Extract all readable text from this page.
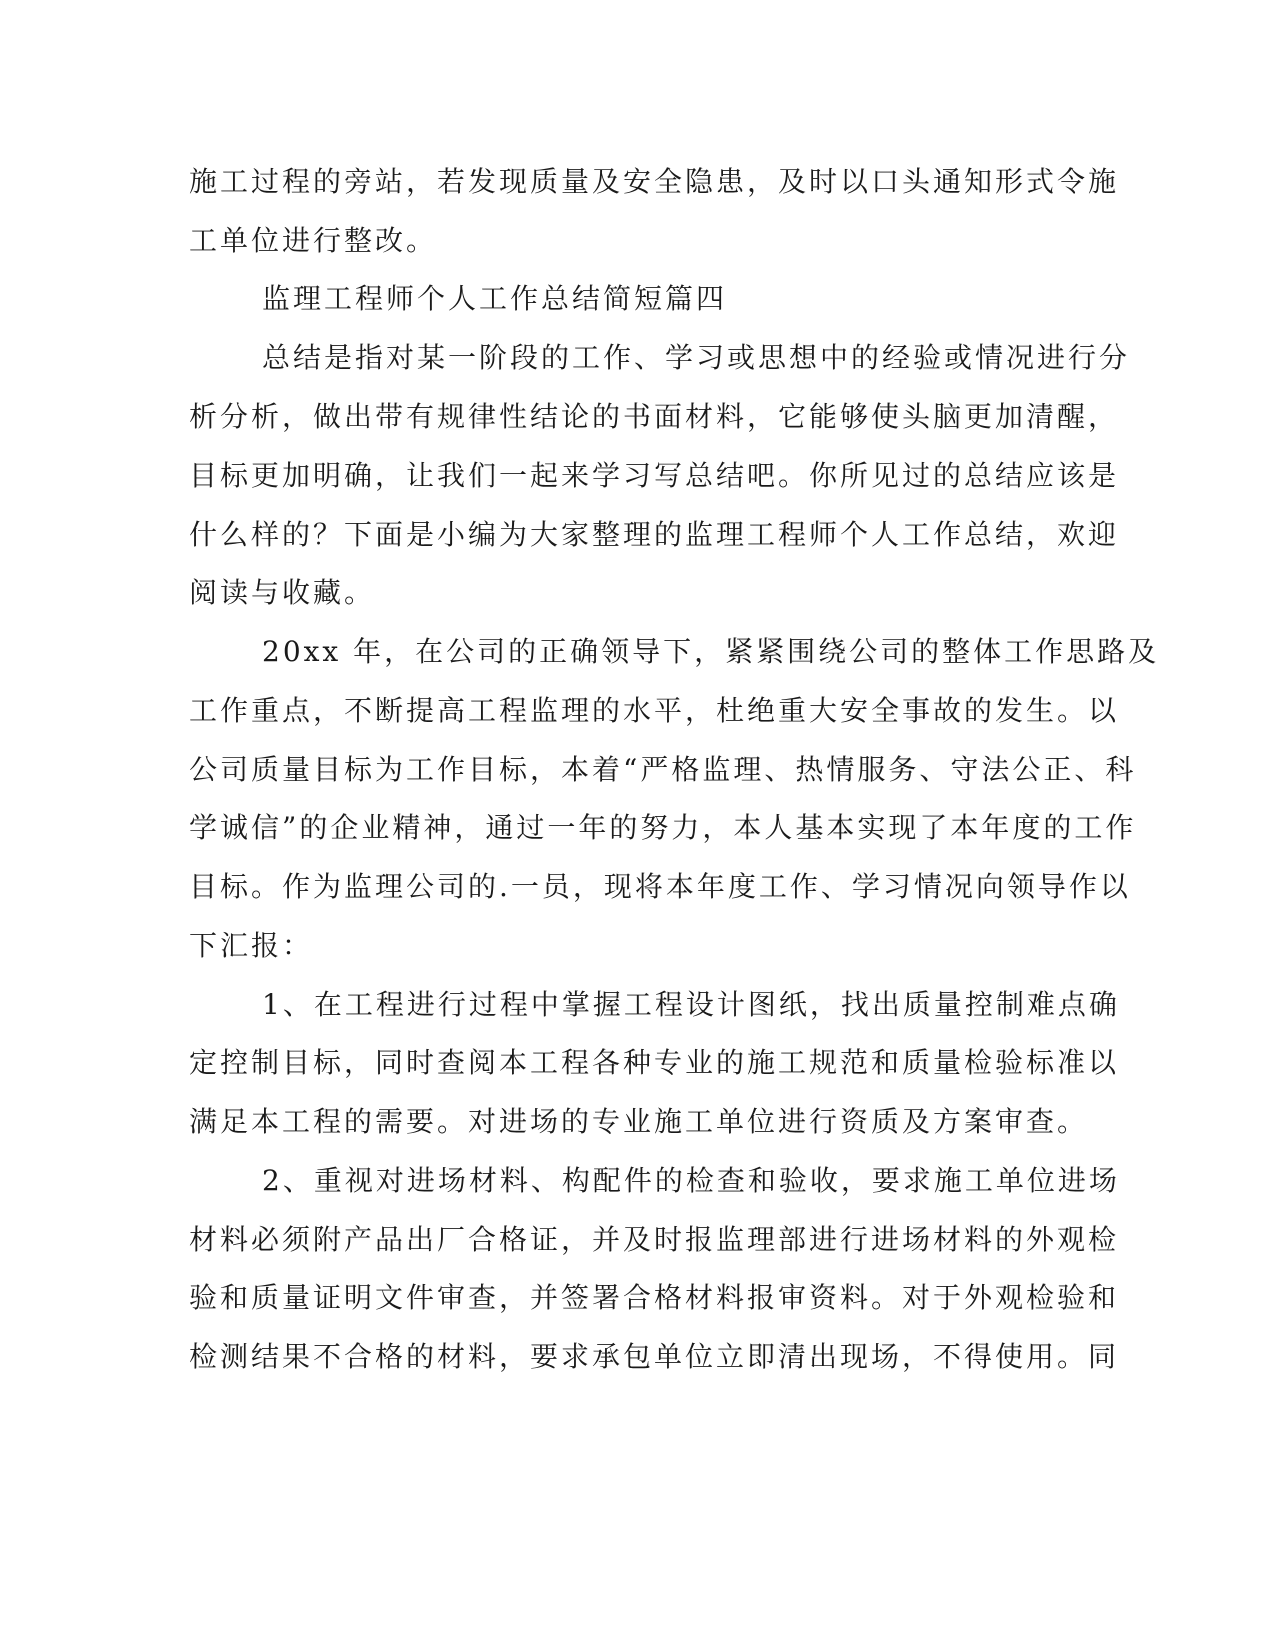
施工过程的旁站，若发现质量及安全隐患，及时以口头通知形式令施
工单位进行整改。
监理工程师个人工作总结简短篇四
总结是指对某一阶段的工作、学习或思想中的经验或情况进行分
析分析，做出带有规律性结论的书面材料，它能够使头脑更加清醒，
目标更加明确，让我们一起来学习写总结吧。你所见过的总结应该是
什么样的？下面是小编为大家整理的监理工程师个人工作总结，欢迎
阅读与收藏。
20xx 年，在公司的正确领导下，紧紧围绕公司的整体工作思路及
工作重点，不断提高工程监理的水平，杜绝重大安全事故的发生。以
公司质量目标为工作目标，本着“严格监理、热情服务、守法公正、科
学诚信”的企业精神，通过一年的努力，本人基本实现了本年度的工作
目标。作为监理公司的.一员，现将本年度工作、学习情况向领导作以
下汇报：
1、在工程进行过程中掌握工程设计图纸，找出质量控制难点确
定控制目标，同时查阅本工程各种专业的施工规范和质量检验标准以
满足本工程的需要。对进场的专业施工单位进行资质及方案审查。
2、重视对进场材料、构配件的检查和验收，要求施工单位进场
材料必须附产品出厂合格证，并及时报监理部进行进场材料的外观检
验和质量证明文件审查，并签署合格材料报审资料。对于外观检验和
检测结果不合格的材料，要求承包单位立即清出现场，不得使用。同
